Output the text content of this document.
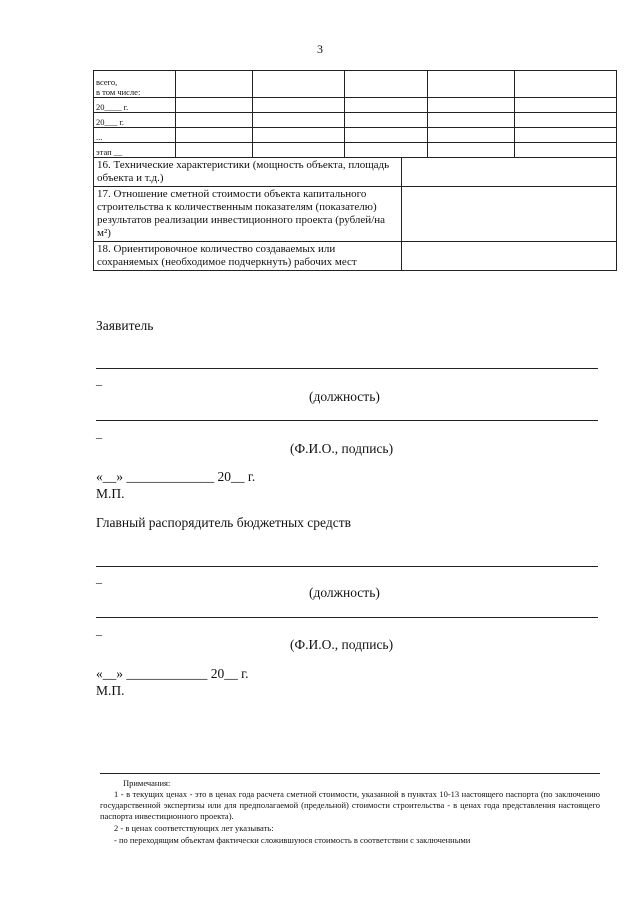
3
всего,
в том числе:					
20____ г.					
20___ г.					
...					
этап __					
16. Технические характеристики (мощность объекта, площадь объекта и т.д.)	
17. Отношение сметной стоимости объекта капитального строительства к количественным показателям (показателю) результатов реализации инвестиционного проекта (рублей/на м²)	
18. Ориентировочное количество создаваемых или сохраняемых (необходимое подчеркнуть) рабочих мест	
Заявитель
_
(должность)
_
(Ф.И.О., подпись)
«__» _____________ 20__ г.
М.П.
Главный распорядитель бюджетных средств
_
(должность)
_
(Ф.И.О., подпись)
«__» ____________ 20__ г.
М.П.
Примечания:
1 - в текущих ценах - это в ценах года расчета сметной стоимости, указанной в пунктах 10-13 настоящего паспорта (по заключению государственной экспертизы или для предполагаемой (предельной) стоимости строительства - в ценах года представления настоящего паспорта инвестиционного проекта).
2 - в ценах соответствующих лет указывать:
- по переходящим объектам фактически сложившуюся стоимость в соответствии с заключенными
